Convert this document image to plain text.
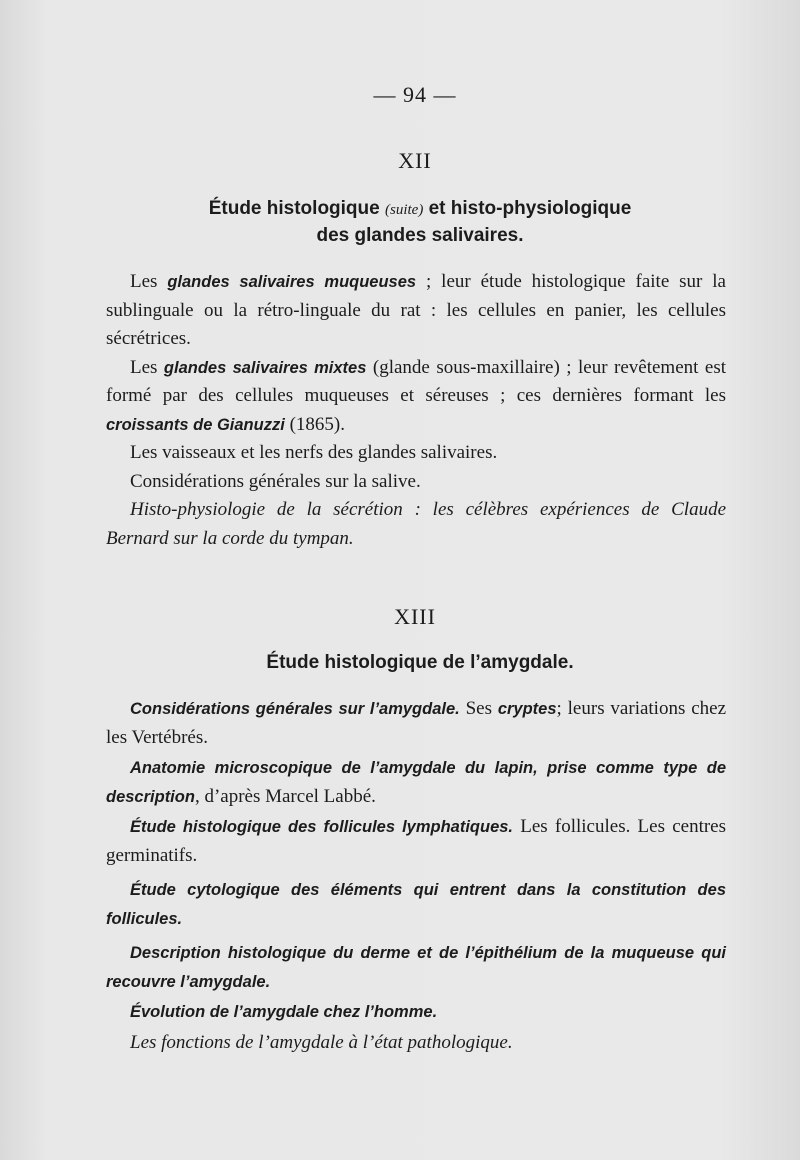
— 94 —
XII
Étude histologique (suite) et histo-physiologique
des glandes salivaires.

Les glandes salivaires muqueuses ; leur étude histologique faite sur la sublinguale ou la rétro-linguale du rat : les cellules en panier, les cellules sécrétrices.

Les glandes salivaires mixtes (glande sous-maxillaire) ; leur revêtement est formé par des cellules muqueuses et séreuses ; ces dernières formant les croissants de Gianuzzi (1865).

Les vaisseaux et les nerfs des glandes salivaires.

Considérations générales sur la salive.

Histo-physiologie de la sécrétion : les célèbres expériences de Claude Bernard sur la corde du tympan.

XIII
Étude histologique de l’amygdale.

Considérations générales sur l’amygdale. Ses cryptes; leurs variations chez les Vertébrés.

Anatomie microscopique de l’amygdale du lapin, prise comme type de description, d’après Marcel Labbé.

Étude histologique des follicules lymphatiques. Les follicules. Les centres germinatifs.

Étude cytologique des éléments qui entrent dans la constitution des follicules.

Description histologique du derme et de l’épithélium de la muqueuse qui recouvre l’amygdale.

Évolution de l’amygdale chez l’homme.

Les fonctions de l’amygdale à l’état pathologique.
